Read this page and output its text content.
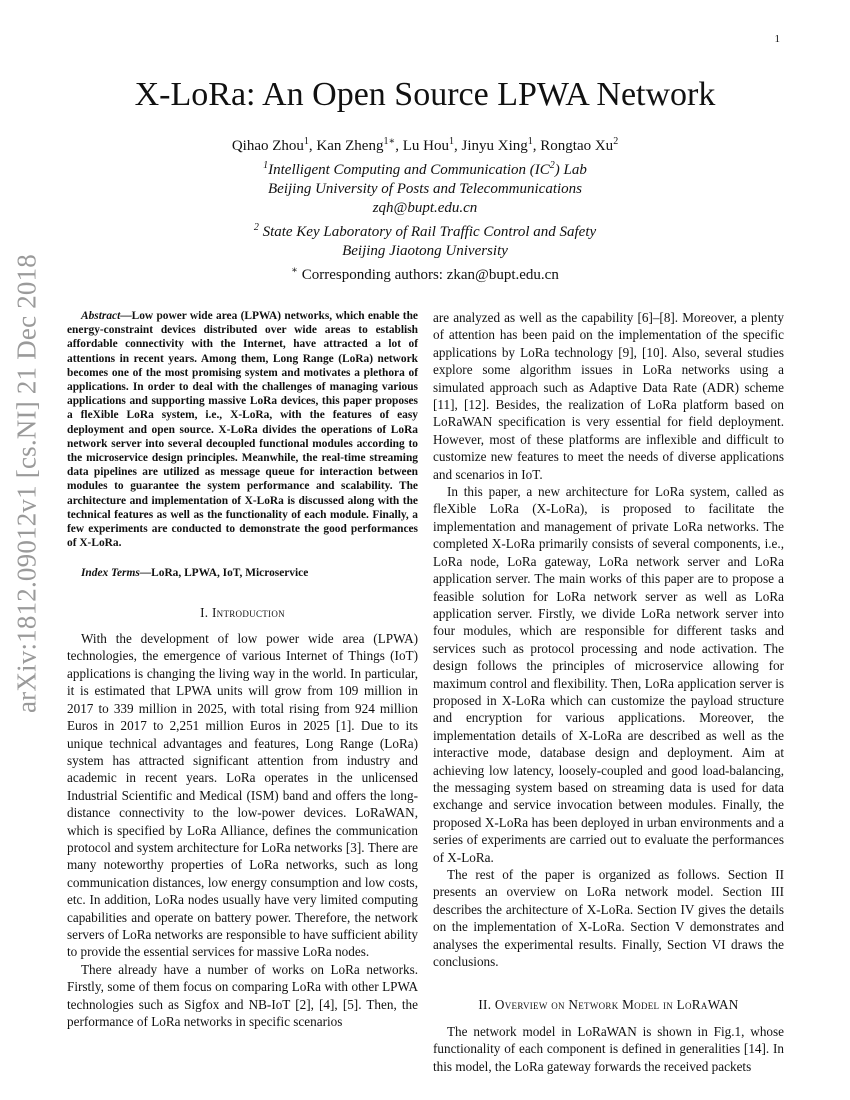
1
arXiv:1812.09012v1 [cs.NI] 21 Dec 2018
X-LoRa: An Open Source LPWA Network
Qihao Zhou$^1$, Kan Zheng$^{1∗}$, Lu Hou$^1$, Jinyu Xing$^1$, Rongtao Xu$^2$
$^1$Intelligent Computing and Communication $(IC^2)$ Lab
Beijing University of Posts and Telecommunications
zqh@bupt.edu.cn
$^2$ State Key Laboratory of Rail Traffic Control and Safety
Beijing Jiaotong University
∗ Corresponding authors: zkan@bupt.edu.cn

Abstract—Low power wide area (LPWA) networks, which enable the energy-constraint devices distributed over wide areas to establish affordable connectivity with the Internet, have attracted a lot of attentions in recent years. Among them, Long Range (LoRa) network becomes one of the most promising system and motivates a plethora of applications. In order to deal with the challenges of managing various applications and supporting massive LoRa devices, this paper proposes a fleXible LoRa system, i.e., X-LoRa, with the features of easy deployment and open source. X-LoRa divides the operations of LoRa network server into several decoupled functional modules according to the microservice design principles. Meanwhile, the real-time streaming data pipelines are utilized as message queue for interaction between modules to guarantee the system performance and scalability. The architecture and implementation of X-LoRa is discussed along with the technical features as well as the functionality of each module. Finally, a few experiments are conducted to demonstrate the good performances of X-LoRa.

Index Terms—LoRa, LPWA, IoT, Microservice

I. Introduction

With the development of low power wide area (LPWA) technologies, the emergence of various Internet of Things (IoT) applications is changing the living way in the world. In particular, it is estimated that LPWA units will grow from 109 million in 2017 to 339 million in 2025, with total rising from 924 million Euros in 2017 to 2,251 million Euros in 2025 [1]. Due to its unique technical advantages and features, Long Range (LoRa) system has attracted significant attention from industry and academic in recent years. LoRa operates in the unlicensed Industrial Scientific and Medical (ISM) band and offers the long-distance connectivity to the low-power devices. LoRaWAN, which is specified by LoRa Alliance, defines the communication protocol and system architecture for LoRa networks [3]. There are many noteworthy properties of LoRa networks, such as long communication distances, low energy consumption and low costs, etc. In addition, LoRa nodes usually have very limited computing capabilities and operate on battery power. Therefore, the network servers of LoRa networks are responsible to have sufficient ability to provide the essential services for massive LoRa nodes.

There already have a number of works on LoRa networks. Firstly, some of them focus on comparing LoRa with other LPWA technologies such as Sigfox and NB-IoT [2], [4], [5]. Then, the performance of LoRa networks in specific scenarios

are analyzed as well as the capability [6]–[8]. Moreover, a plenty of attention has been paid on the implementation of the specific applications by LoRa technology [9], [10]. Also, several studies explore some algorithm issues in LoRa networks using a simulated approach such as Adaptive Data Rate (ADR) scheme [11], [12]. Besides, the realization of LoRa platform based on LoRaWAN specification is very essential for field deployment. However, most of these platforms are inflexible and difficult to customize new features to meet the needs of diverse applications and scenarios in IoT.

In this paper, a new architecture for LoRa system, called as fleXible LoRa (X-LoRa), is proposed to facilitate the implementation and management of private LoRa networks. The completed X-LoRa primarily consists of several components, i.e., LoRa node, LoRa gateway, LoRa network server and LoRa application server. The main works of this paper are to propose a feasible solution for LoRa network server as well as LoRa application server. Firstly, we divide LoRa network server into four modules, which are responsible for different tasks and services such as protocol processing and node activation. The design follows the principles of microservice allowing for maximum control and flexibility. Then, LoRa application server is proposed in X-LoRa which can customize the payload structure and encryption for various applications. Moreover, the implementation details of X-LoRa are described as well as the interactive mode, database design and deployment. Aim at achieving low latency, loosely-coupled and good load-balancing, the messaging system based on streaming data is used for data exchange and service invocation between modules. Finally, the proposed X-LoRa has been deployed in urban environments and a series of experiments are carried out to evaluate the performances of X-LoRa.

The rest of the paper is organized as follows. Section II presents an overview on LoRa network model. Section III describes the architecture of X-LoRa. Section IV gives the details on the implementation of X-LoRa. Section V demonstrates and analyses the experimental results. Finally, Section VI draws the conclusions.

II. Overview on Network Model in LoRaWAN

The network model in LoRaWAN is shown in Fig.1, whose functionality of each component is defined in generalities [14]. In this model, the LoRa gateway forwards the received packets
